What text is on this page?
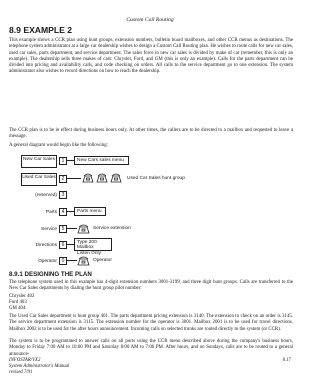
Custom Call Routing
8.9 EXAMPLE 2
This example shows a CCR plan using hunt groups, extension numbers, bulletin board mailboxes, and other CCR menus as destinations. The telephone system administrator at a large car dealership wishes to design a Custom Call Routing plan. He wishes to route calls for new car sales, used car sales, parts department, and service department. The sales force in new car sales is divided by make of car (remember, this is only an example). The dealership sells three makes of cars: Chrysler, Ford, and GM (this is only an example). Calls for the parts department can be divided into pricing and availability calls, and code checking on orders. All calls to the service department go to one extension. The system administrator also wishes to record directions on how to reach the dealership.
The CCR plan is to be in effect during business hours only. At other times, the callers are to be directed to a mailbox and requested to leave a message.
A general diagram would begin like the following:
New Car Sales	1
Used Car Sales	2
(reserved) 3
Parts 4
Service 5
Directions 6
Operator 0
New Cars sales menu
Used Car Sales hunt group
Parts menu
Service extension
Type 200 Mailbox
Listen Only
Operator
8.9.1 DESIGNING THE PLAN
The telephone system used in this example has 4-digit extension numbers 3001-3199, and three digit hunt groups. Calls are transferred to the New Car Sales departments by dialing the hunt group pilot number:
Chrysler 402
Ford 403
GM 404
The Used Car Sales department is hunt group 401. The parts department pricing extension is 3140. The extension to check on an order is 3145. The service department extension is 3115. The extension number for the operator is 3001. Mailbox 2001 is to be used for travel directions. Mailbox 2002 is to be used for the after hours announcement. Incoming calls on selected trunks are routed directly to the system (or CCR).
The system is to be programmed to answer calls on all ports using the CCR menu described above during the company's business hours, Monday to Friday 7:00 AM to 10:00 PM and Saturday 8:00 AM to 7:00 PM. After hours, and on Sundays, calls are to be routed to a general announce-
INFOSTAR/VX2
System Administrator's Manual
revised 7/91
8.17
